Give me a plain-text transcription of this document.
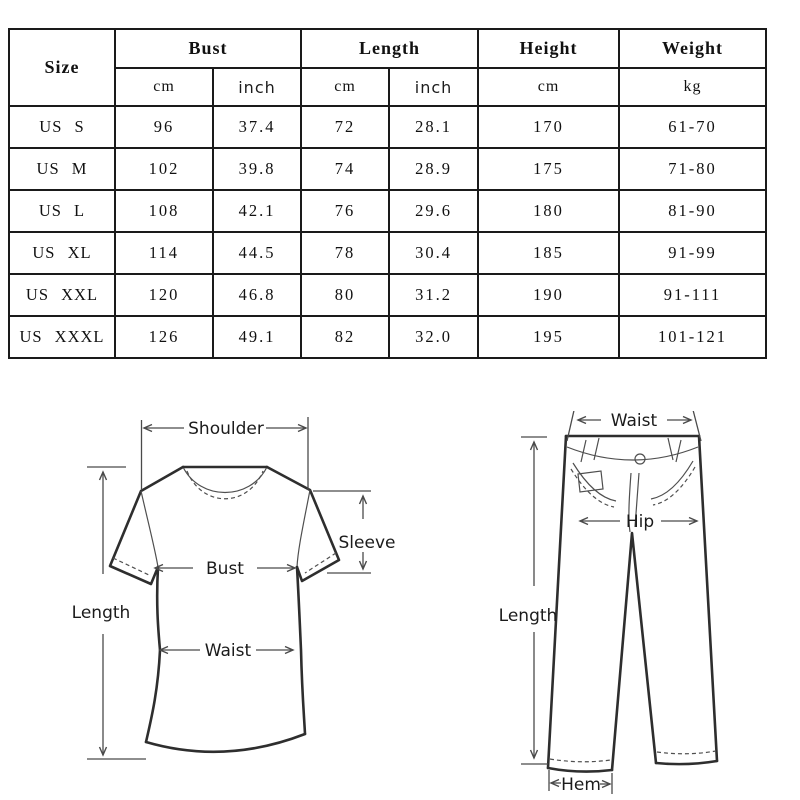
Size	Bust		Length		Height	Weight
	cm	inch	cm	inch	cm	kg
US S	96	37.4	72	28.1	170	61-70
US M	102	39.8	74	28.9	175	71-80
US L	108	42.1	76	29.6	180	81-90
US XL	114	44.5	78	30.4	185	91-99
US XXL	120	46.8	80	31.2	190	91-111
US XXXL	126	49.1	82	32.0	195	101-121
Shoulder
Length
Sleeve
Bust
Waist
Waist
Hip
Length
Hem
